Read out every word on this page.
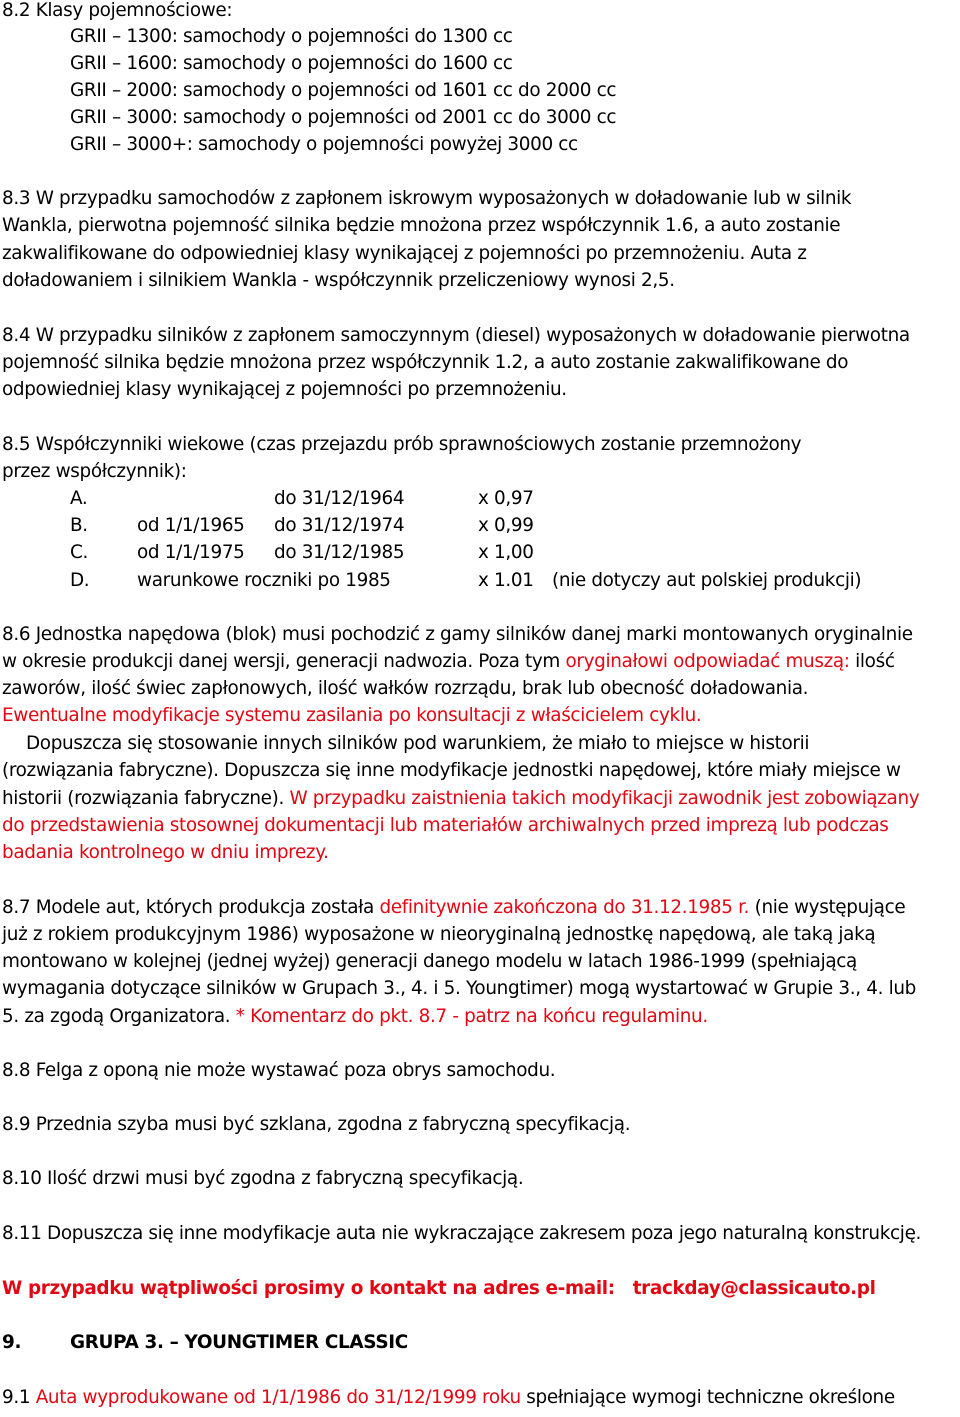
8.2 Klasy pojemnościowe:
GRII – 1300: samochody o pojemności do 1300 cc
GRII – 1600: samochody o pojemności do 1600 cc
GRII – 2000: samochody o pojemności od 1601 cc do 2000 cc
GRII – 3000: samochody o pojemności od 2001 cc do 3000 cc
GRII – 3000+: samochody o pojemności powyżej 3000 cc
8.3 W przypadku samochodów z zapłonem iskrowym wyposażonych w doładowanie lub w silnik
Wankla, pierwotna pojemność silnika będzie mnożona przez współczynnik 1.6, a auto zostanie
zakwalifikowane do odpowiedniej klasy wynikającej z pojemności po przemnożeniu. Auta z
doładowaniem i silnikiem Wankla - współczynnik przeliczeniowy wynosi 2,5.
8.4 W przypadku silników z zapłonem samoczynnym (diesel) wyposażonych w doładowanie pierwotna
pojemność silnika będzie mnożona przez współczynnik 1.2, a auto zostanie zakwalifikowane do
odpowiedniej klasy wynikającej z pojemności po przemnożeniu.
8.5 Współczynniki wiekowe (czas przejazdu prób sprawnościowych zostanie przemnożony
przez współczynnik):
A.	do 31/12/1964	x 0,97
B.	od 1/1/1965 do 31/12/1974	x 0,99
C.	od 1/1/1975 do 31/12/1985	x 1,00
D.	warunkowe roczniki po 1985	x 1.01 (nie dotyczy aut polskiej produkcji)
8.6 Jednostka napędowa (blok) musi pochodzić z gamy silników danej marki montowanych oryginalnie
w okresie produkcji danej wersji, generacji nadwozia. Poza tym oryginałowi odpowiadać muszą: ilość
zaworów, ilość świec zapłonowych, ilość wałków rozrządu, brak lub obecność doładowania.
Ewentualne modyfikacje systemu zasilania po konsultacji z właścicielem cyklu.
Dopuszcza się stosowanie innych silników pod warunkiem, że miało to miejsce w historii
(rozwiązania fabryczne). Dopuszcza się inne modyfikacje jednostki napędowej, które miały miejsce w
historii (rozwiązania fabryczne). W przypadku zaistnienia takich modyfikacji zawodnik jest zobowiązany
do przedstawienia stosownej dokumentacji lub materiałów archiwalnych przed imprezą lub podczas
badania kontrolnego w dniu imprezy.
8.7 Modele aut, których produkcja została definitywnie zakończona do 31.12.1985 r. (nie występujące
już z rokiem produkcyjnym 1986) wyposażone w nieoryginalną jednostkę napędową, ale taką jaką
montowano w kolejnej (jednej wyżej) generacji danego modelu w latach 1986-1999 (spełniającą
wymagania dotyczące silników w Grupach 3., 4. i 5. Youngtimer) mogą wystartować w Grupie 3., 4. lub
5. za zgodą Organizatora. * Komentarz do pkt. 8.7 - patrz na końcu regulaminu.
8.8 Felga z oponą nie może wystawać poza obrys samochodu.
8.9 Przednia szyba musi być szklana, zgodna z fabryczną specyfikacją.
8.10 Ilość drzwi musi być zgodna z fabryczną specyfikacją.
8.11 Dopuszcza się inne modyfikacje auta nie wykraczające zakresem poza jego naturalną konstrukcję.
W przypadku wątpliwości prosimy o kontakt na adres e-mail: trackday@classicauto.pl
9.	GRUPA 3. – YOUNGTIMER CLASSIC
9.1 Auta wyprodukowane od 1/1/1986 do 31/12/1999 roku spełniające wymogi techniczne określone
